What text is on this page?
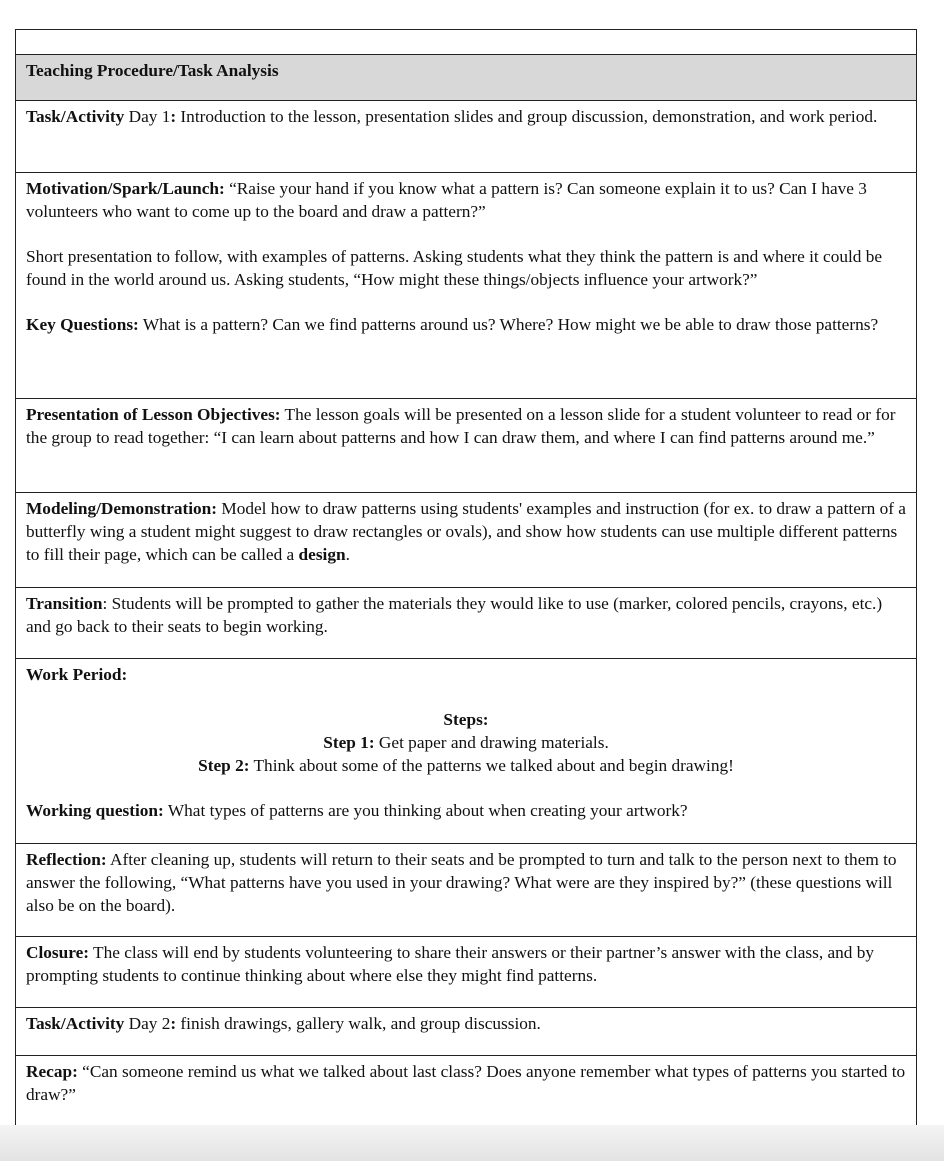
Teaching Procedure/Task Analysis

Task/Activity Day 1: Introduction to the lesson, presentation slides and group discussion, demonstration, and work period.

Motivation/Spark/Launch: “Raise your hand if you know what a pattern is? Can someone explain it to us? Can I have 3 volunteers who want to come up to the board and draw a pattern?”

Short presentation to follow, with examples of patterns. Asking students what they think the pattern is and where it could be found in the world around us. Asking students, “How might these things/objects influence your artwork?”

Key Questions: What is a pattern? Can we find patterns around us? Where? How might we be able to draw those patterns?

Presentation of Lesson Objectives: The lesson goals will be presented on a lesson slide for a student volunteer to read or for the group to read together: “I can learn about patterns and how I can draw them, and where I can find patterns around me.”

Modeling/Demonstration: Model how to draw patterns using students' examples and instruction (for ex. to draw a pattern of a butterfly wing a student might suggest to draw rectangles or ovals), and show how students can use multiple different patterns to fill their page, which can be called a design.

Transition: Students will be prompted to gather the materials they would like to use (marker, colored pencils, crayons, etc.) and go back to their seats to begin working.

Work Period:

Steps:

Step 1: Get paper and drawing materials.

Step 2: Think about some of the patterns we talked about and begin drawing!

Working question: What types of patterns are you thinking about when creating your artwork?

Reflection: After cleaning up, students will return to their seats and be prompted to turn and talk to the person next to them to answer the following, “What patterns have you used in your drawing? What were are they inspired by?” (these questions will also be on the board).

Closure: The class will end by students volunteering to share their answers or their partner’s answer with the class, and by prompting students to continue thinking about where else they might find patterns.

Task/Activity Day 2: finish drawings, gallery walk, and group discussion.

Recap: “Can someone remind us what we talked about last class? Does anyone remember what types of patterns you started to draw?”
